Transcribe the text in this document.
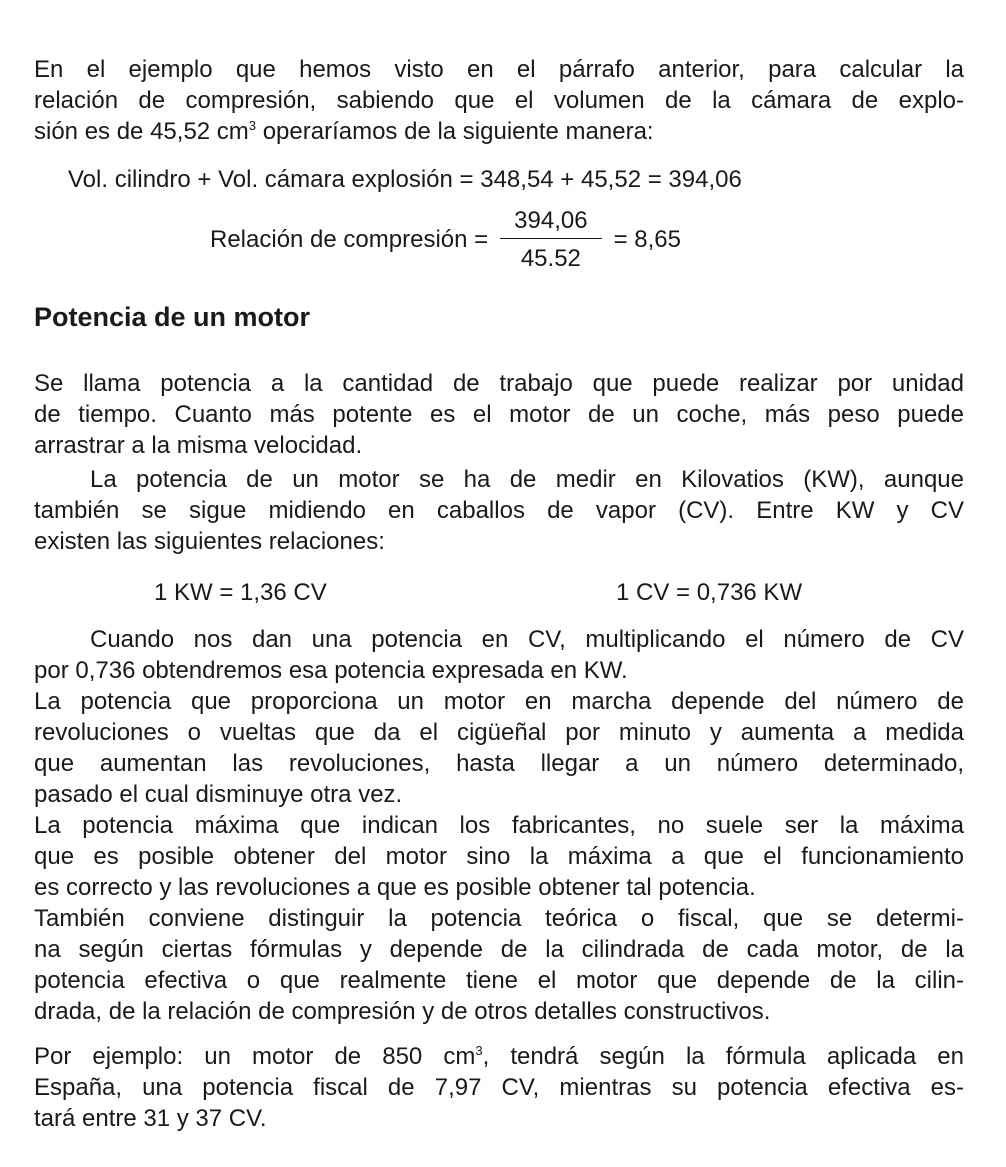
En el ejemplo que hemos visto en el párrafo anterior, para calcular la
relación de compresión, sabiendo que el volumen de la cámara de explo-
sión es de 45,52 $cm^3$ operaríamos de la siguiente manera:
Vol. cilindro + Vol. cámara explosión = 348,54 + 45,52 = 394,06
Relación de compresión = $\frac{394,06}{45.52} = 8,65$
Potencia de un motor
Se llama potencia a la cantidad de trabajo que puede realizar por unidad
de tiempo. Cuanto más potente es el motor de un coche, más peso puede
arrastrar a la misma velocidad.
La potencia de un motor se ha de medir en Kilovatios (KW), aunque
también se sigue midiendo en caballos de vapor (CV). Entre KW y CV
existen las siguientes relaciones:
1 KW = 1,36 CV	1 CV = 0,736 KW
Cuando nos dan una potencia en CV, multiplicando el número de CV
por 0,736 obtendremos esa potencia expresada en KW.
La potencia que proporciona un motor en marcha depende del número de
revoluciones o vueltas que da el cigüeñal por minuto y aumenta a medida
que aumentan las revoluciones, hasta llegar a un número determinado,
pasado el cual disminuye otra vez.
La potencia máxima que indican los fabricantes, no suele ser la máxima
que es posible obtener del motor sino la máxima a que el funcionamiento
es correcto y las revoluciones a que es posible obtener tal potencia.
También conviene distinguir la potencia teórica o fiscal, que se determi-
na según ciertas fórmulas y depende de la cilindrada de cada motor, de la
potencia efectiva o que realmente tiene el motor que depende de la cilin-
drada, de la relación de compresión y de otros detalles constructivos.
Por ejemplo: un motor de 850 $cm^3$, tendrá según la fórmula aplicada en
España, una potencia fiscal de 7,97 CV, mientras su potencia efectiva es-
tará entre 31 y 37 CV.
